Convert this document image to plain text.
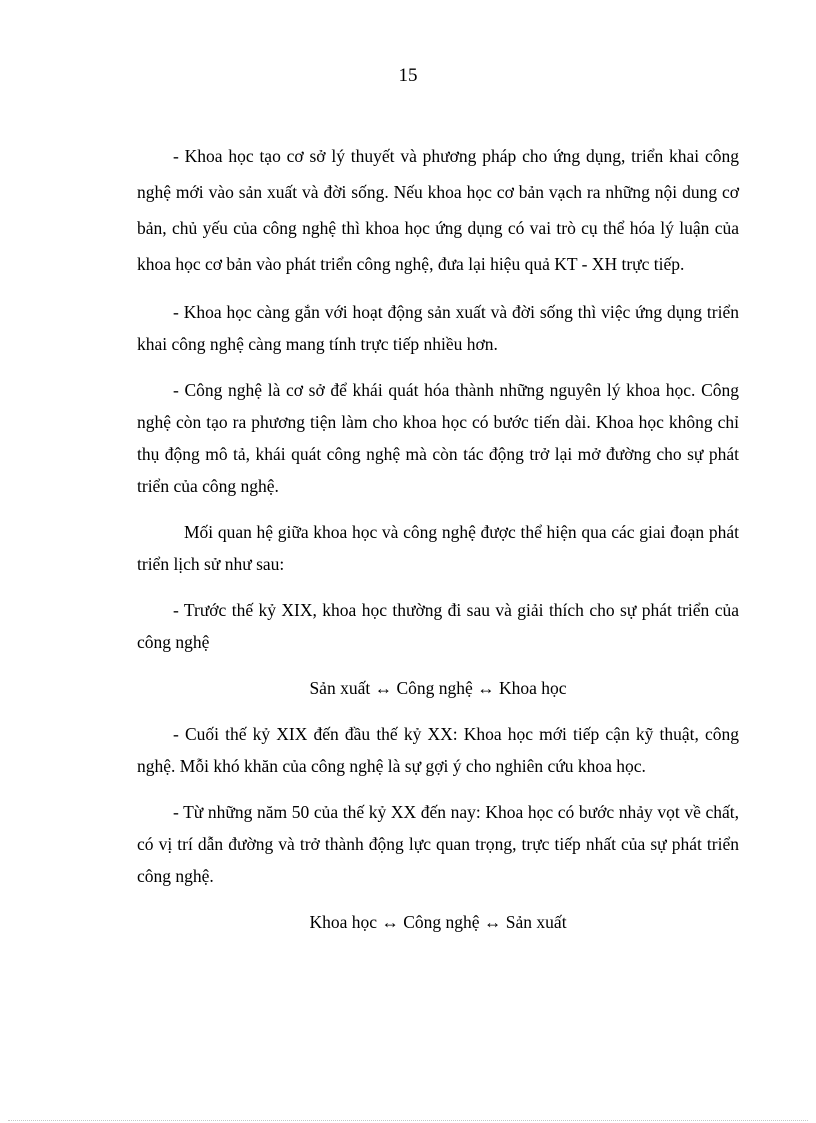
15

- Khoa học tạo cơ sở lý thuyết và phương pháp cho ứng dụng, triển khai công nghệ mới vào sản xuất và đời sống. Nếu khoa học cơ bản vạch ra những nội dung cơ bản, chủ yếu của công nghệ thì khoa học ứng dụng có vai trò cụ thể hóa lý luận của khoa học cơ bản vào phát triển công nghệ, đưa lại hiệu quả KT - XH trực tiếp.

- Khoa học càng gắn với hoạt động sản xuất và đời sống thì việc ứng dụng triển khai công nghệ càng mang tính trực tiếp nhiều hơn.

- Công nghệ là cơ sở để khái quát hóa thành những nguyên lý khoa học. Công nghệ còn tạo ra phương tiện làm cho khoa học có bước tiến dài. Khoa học không chỉ thụ động mô tả, khái quát công nghệ mà còn tác động trở lại mở đường cho sự phát triển của công nghệ.

Mối quan hệ giữa khoa học và công nghệ được thể hiện qua các giai đoạn phát triển lịch sử như sau:

- Trước thế kỷ XIX, khoa học thường đi sau và giải thích cho sự phát triển của công nghệ

Sản xuất ↔ Công nghệ ↔ Khoa học

- Cuối thế kỷ XIX đến đầu thế kỷ XX: Khoa học mới tiếp cận kỹ thuật, công nghệ. Mỗi khó khăn của công nghệ là sự gợi ý cho nghiên cứu khoa học.

- Từ những năm 50 của thế kỷ XX đến nay: Khoa học có bước nhảy vọt về chất, có vị trí dẫn đường và trở thành động lực quan trọng, trực tiếp nhất của sự phát triển công nghệ.

Khoa học ↔ Công nghệ ↔ Sản xuất
